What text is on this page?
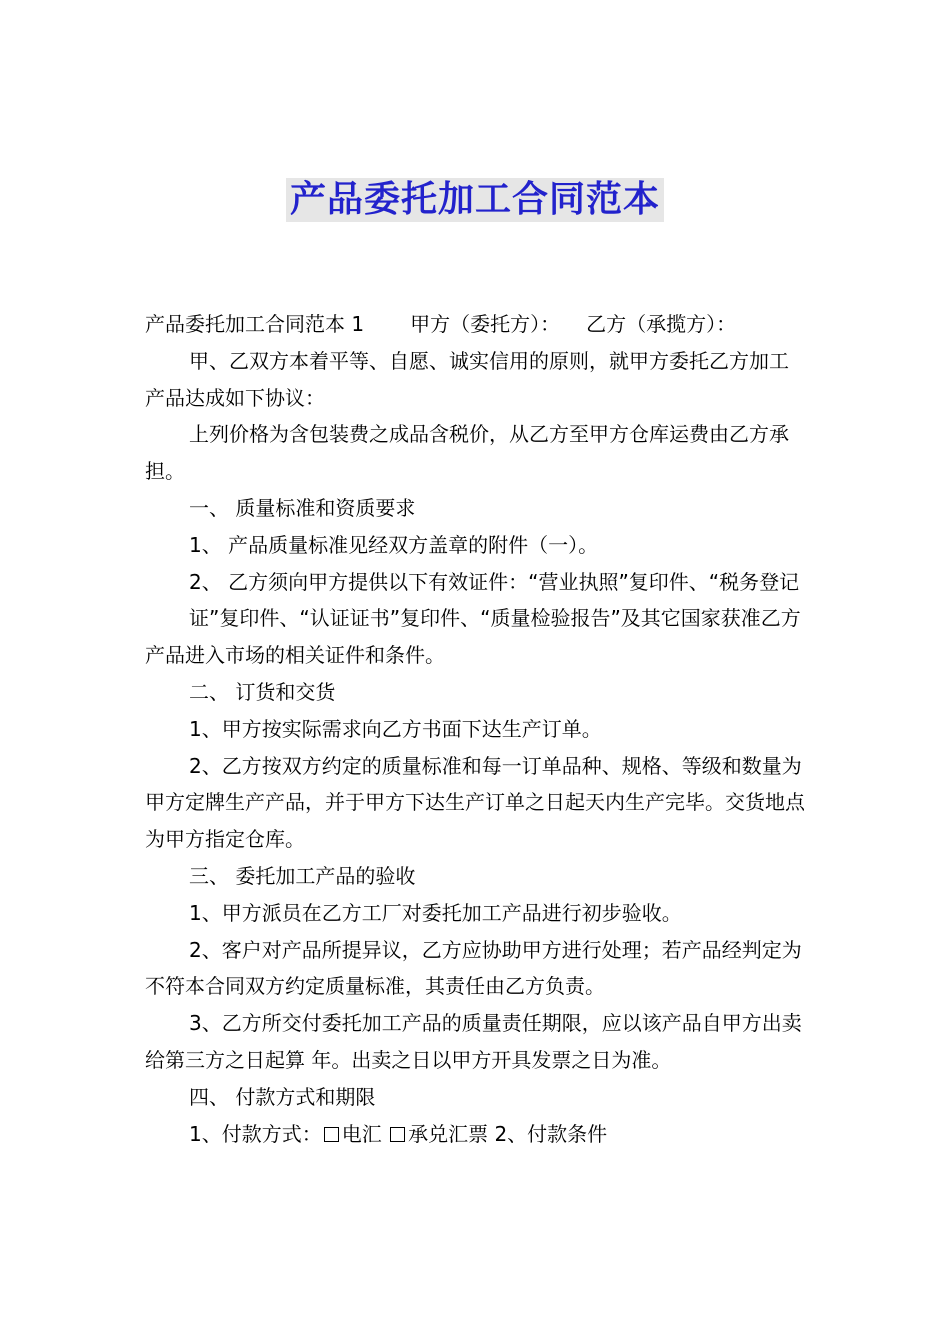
产品委托加工合同范本

产品委托加工合同范本 1 甲方（委托方）： 乙方（承揽方）：

甲、乙双方本着平等、自愿、诚实信用的原则，就甲方委托乙方加工 产品达成如下协议：

上列价格为含包装费之成品含税价，从乙方至甲方仓库运费由乙方承担。

一、 质量标准和资质要求

1、 产品质量标准见经双方盖章的附件（一）。

2、 乙方须向甲方提供以下有效证件：“营业执照”复印件、“税务登记

证”复印件、“认证证书”复印件、“质量检验报告”及其它国家获准乙方产品进入市场的相关证件和条件。

二、 订货和交货

1、甲方按实际需求向乙方书面下达生产订单。

2、乙方按双方约定的质量标准和每一订单品种、规格、等级和数量为甲方定牌生产产品，并于甲方下达生产订单之日起天内生产完毕。交货地点为甲方指定仓库。

三、 委托加工产品的验收

1、甲方派员在乙方工厂对委托加工产品进行初步验收。

2、客户对产品所提异议，乙方应协助甲方进行处理；若产品经判定为不符本合同双方约定质量标准，其责任由乙方负责。

3、乙方所交付委托加工产品的质量责任期限，应以该产品自甲方出卖给第三方之日起算 年。出卖之日以甲方开具发票之日为准。

四、 付款方式和期限

1、付款方式： 电汇 承兑汇票 2、付款条件
